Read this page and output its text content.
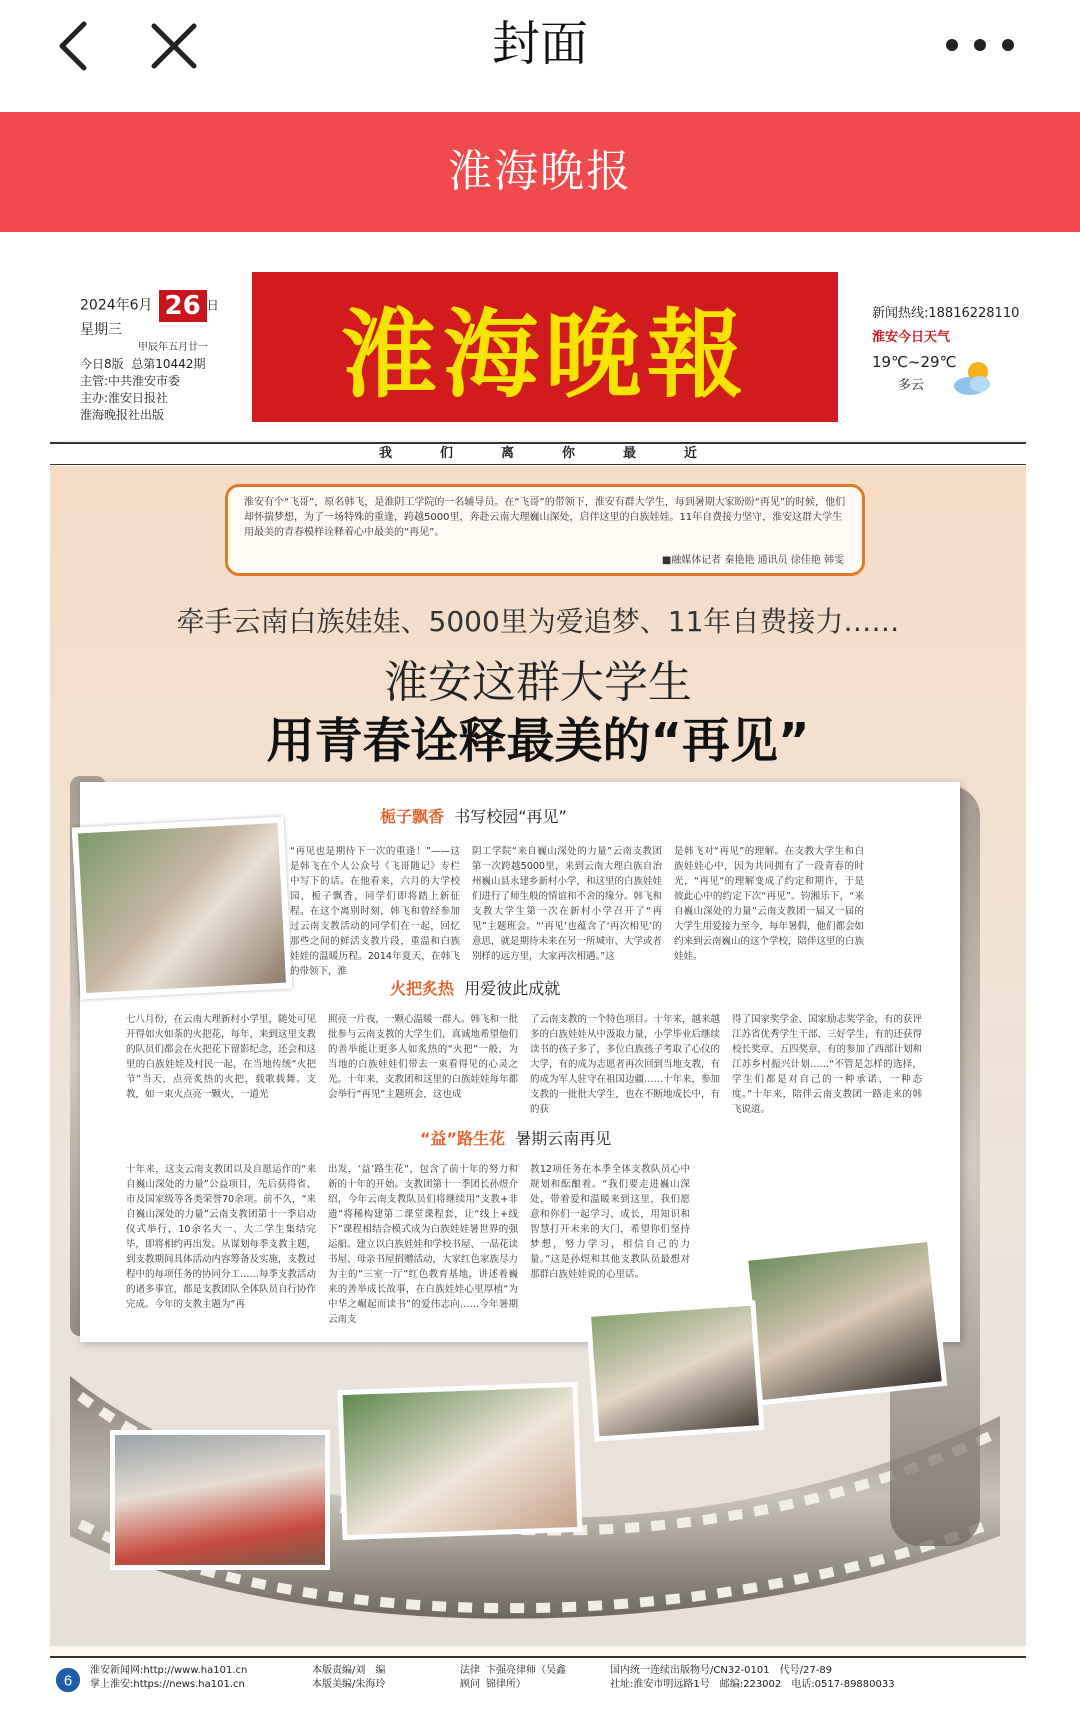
封面
淮海晚报
2024年6月 26 日
星期三
甲辰年五月廿一
今日8版 总第10442期
主管:中共淮安市委
主办:淮安日报社
淮海晚报社出版
淮海晚報	新闻热线:18816228110
淮安今日天气
19℃~29℃
多云
我	们	离	你	最	近
淮安有个“飞哥”，原名韩飞，是淮阴工学院的一名辅导员。在“飞哥”的带领下，淮安有群大学生，每到暑期大家盼盼“再见”的时候，他们却怀揣梦想，为了一场特殊的重逢，跨越5000里，奔赴云南大理巍山深处，启伴这里的白族娃娃。11年自费接力坚守，淮安这群大学生用最美的青春模样诠释着心中最美的“再见”。
■融媒体记者 秦艳艳 通讯员 徐佳艳 韩雯
牵手云南白族娃娃、5000里为爱追梦、11年自费接力……
淮安这群大学生
用青春诠释最美的“再见”
栀子飘香 书写校园“再见”
“再见也是期待下一次的重逢！”——这是韩飞在个人公众号《飞哥随记》专栏中写下的话。在他看来，六月的大学校园，栀子飘香，同学们即将踏上新征程。在这个离别时刻，韩飞和曾经参加过云南支教活动的同学们在一起，回忆那些之间的鲜活支教片段，重温和白族娃娃的温暖历程。2014年夏天，在韩飞的带领下，淮
阴工学院“来自巍山深处的力量”云南支教团第一次跨越5000里，来到云南大理白族自治州巍山县永建乡新村小学，和这里的白族娃娃们进行了师生般的情谊和不舍的缘分。韩飞和支教大学生第一次在新村小学召开了“再见”主题班会。“‘再见’也蕴含了‘再次相见’的意思，就是期待未来在另一所城市、大学或者别样的远方里，大家再次相遇。”这
是韩飞对“再见”的理解。在支教大学生和白族娃娃心中，因为共同拥有了一段青春的时光，“再见”的理解变成了约定和期许，于是彼此心中的约定下次“再见”。钧湘乐下，“来自巍山深处的力量”云南支教团一届又一届的大学生用爱接力至今，每年暑假，他们都会如约来到云南巍山的这个学校，陪伴这里的白族娃娃。
火把炙热 用爱彼此成就
七八月份，在云南大理新村小学里，随处可见开得如火如荼的火把花，每年，来到这里支教的队员们都会在火把花下留影纪念，还会和这里的白族娃娃及村民一起，在当地传统“火把节”当天，点亮炙热的火把，载歌载舞。支教，如一束火点亮一颗火，一道光
照亮一片夜，一颗心温暖一群人。韩飞和一批批参与云南支教的大学生们，真诚地希望他们的善举能让更多人如炙热的“火把”一般，为当地的白族娃娃们带去一束看得见的心灵之光。十年来，支教团和这里的白族娃娃每年都会举行“再见”主题班会，这也成
了云南支教的一个特色项目。十年来，越来越多的白族娃娃从中汲取力量，小学毕业后继续读书的孩子多了，多位白族孩子考取了心仪的大学，有的成为志愿者再次回到当地支教，有的成为军人驻守在祖国边疆……十年来，参加支教的一批批大学生，也在不断地成长中，有的获
得了国家奖学金、国家励志奖学金，有的获评江苏省优秀学生干部、三好学生，有的还获得校长奖章、五四奖章，有的参加了西部计划和江苏乡村振兴计划……“不管是怎样的选择，学生们都是对自己的一种承诺，一种态度。”十年来，陪伴云南支教团一路走来的韩飞说道。
“益”路生花 暑期云南再见
十年来，这支云南支教团以及自愿运作的“来自巍山深处的力量”公益项目，先后获得省、市及国家级等各类荣誉70余项。前不久，“来自巍山深处的力量”云南支教团第十一季启动仪式举行，10余名大一、大二学生集结完毕，即将相约再出发。从谋划每季支教主题，到支教期间具体活动内容筹备及实施，支教过程中的每项任务的协同分工……每季支教活动的诸多事宜，都是支教团队全体队员自行协作完成。今年的支教主题为“再
出发，‘益’路生花”，包含了前十年的努力和新的十年的开始。支教团第十一季团长孙煜介绍，今年云南支教队员们将继续用“支教+非遗”将稀构建第二课堂课程套，让“线上+线下”课程相结合模式成为白族娃娃暑世界的强运船。建立以白族娃娃和学校书屋、一品花读书屋、母亲书屋捐赠活动，大家红色家族尽力为主的“三室一厅”红色教育基地，讲述着巍来的善举成长故事，在白族娃娃心里厚植“为中华之崛起而读书”的爱伟志向……今年暑期云南支
教12项任务在本季全体支教队员心中规划和酝酿着。“我们要走进巍山深处，带着爱和温暖来到这里，我们愿意和你们一起学习、成长，用知识和智慧打开未来的大门，希望你们坚持梦想，努力学习，相信自己的力量。”这是孙煜和其他支教队员最想对那群白族娃娃说的心里话。
6
淮安新闻网:http://www.ha101.cn
掌上淮安:https://news.ha101.cn
本版责编/刘　编
本版美编/朱海玲
法律顾问卞强亮律师（吴鑫锦律所）
国内统一连续出版物号/CN32-0101　代号/27-89
社址:淮安市明远路1号　邮编:223002　电话:0517-89880033
